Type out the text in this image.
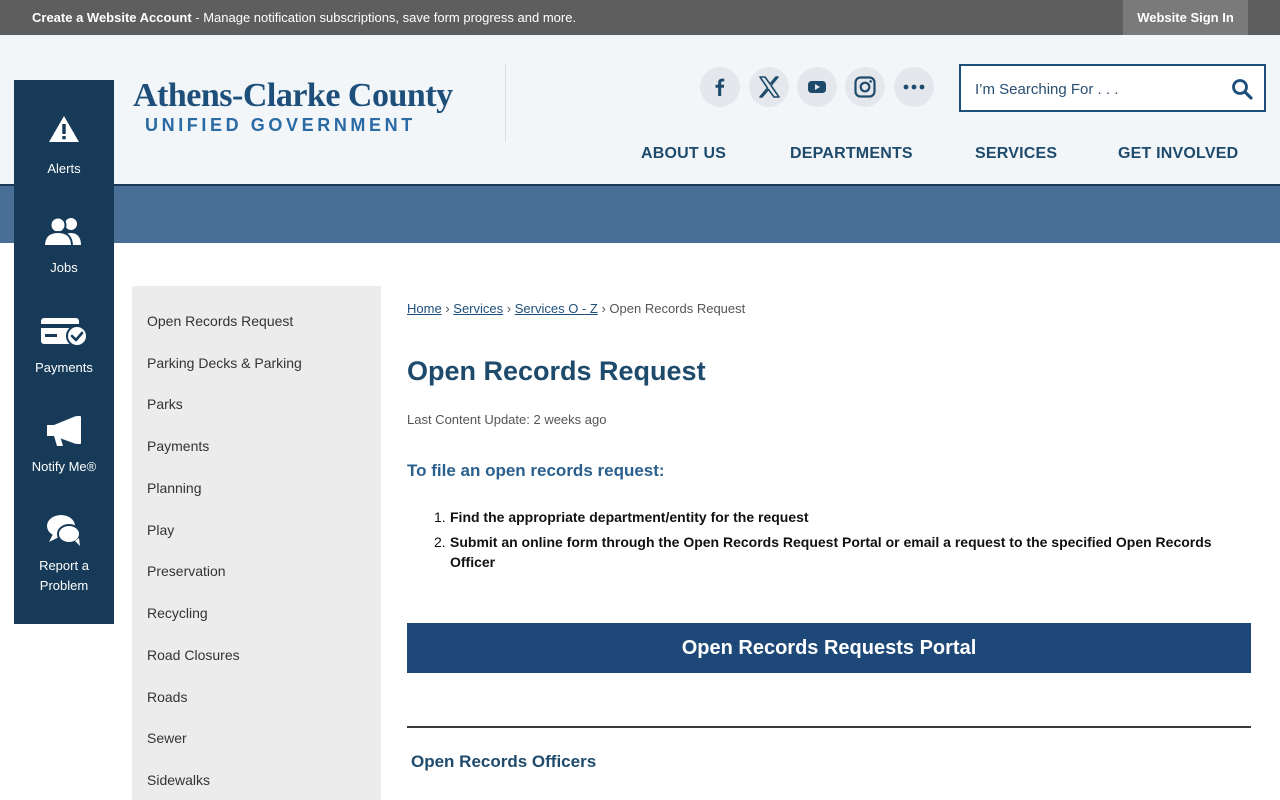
Create a Website Account - Manage notification subscriptions, save form progress and more.	Website Sign In
Athens-Clarke County
UNIFIED GOVERNMENT
I’m Searching For . . .
ABOUT US	DEPARTMENTS	SERVICES	GET INVOLVED
Alerts
Jobs
Payments
Notify Me®
Report a
Problem
Open Records Request
Parking Decks & Parking
Parks
Payments
Planning
Play
Preservation
Recycling
Road Closures
Roads
Sewer
Sidewalks
Home › Services › Services O - Z › Open Records Request
Open Records Request
Last Content Update: 2 weeks ago
To file an open records request:
1. Find the appropriate department/entity for the request
2. Submit an online form through the Open Records Request Portal or email a request to the specified Open Records Officer
Open Records Requests Portal
Open Records Officers
